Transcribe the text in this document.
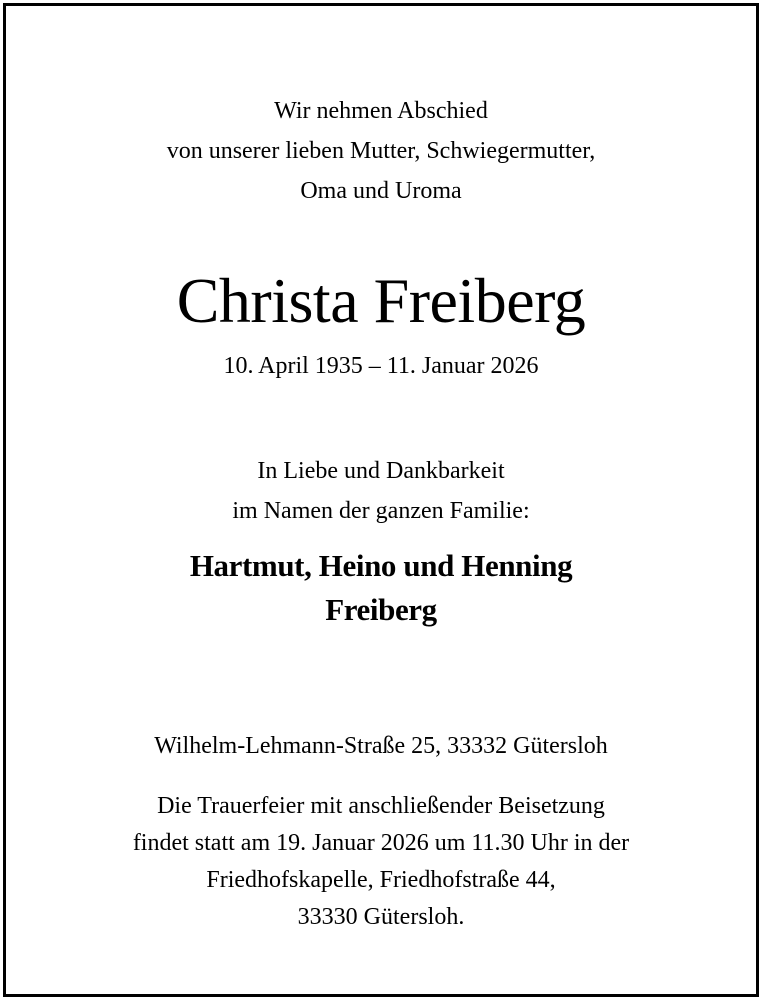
Wir nehmen Abschied
von unserer lieben Mutter, Schwiegermutter,
Oma und Uroma
Christa Freiberg
10. April 1935 – 11. Januar 2026
In Liebe und Dankbarkeit
im Namen der ganzen Familie:
Hartmut, Heino und Henning
Freiberg
Wilhelm-Lehmann-Straße 25, 33332 Gütersloh
Die Trauerfeier mit anschließender Beisetzung
findet statt am 19. Januar 2026 um 11.30 Uhr in der
Friedhofskapelle, Friedhofstraße 44,
33330 Gütersloh.
